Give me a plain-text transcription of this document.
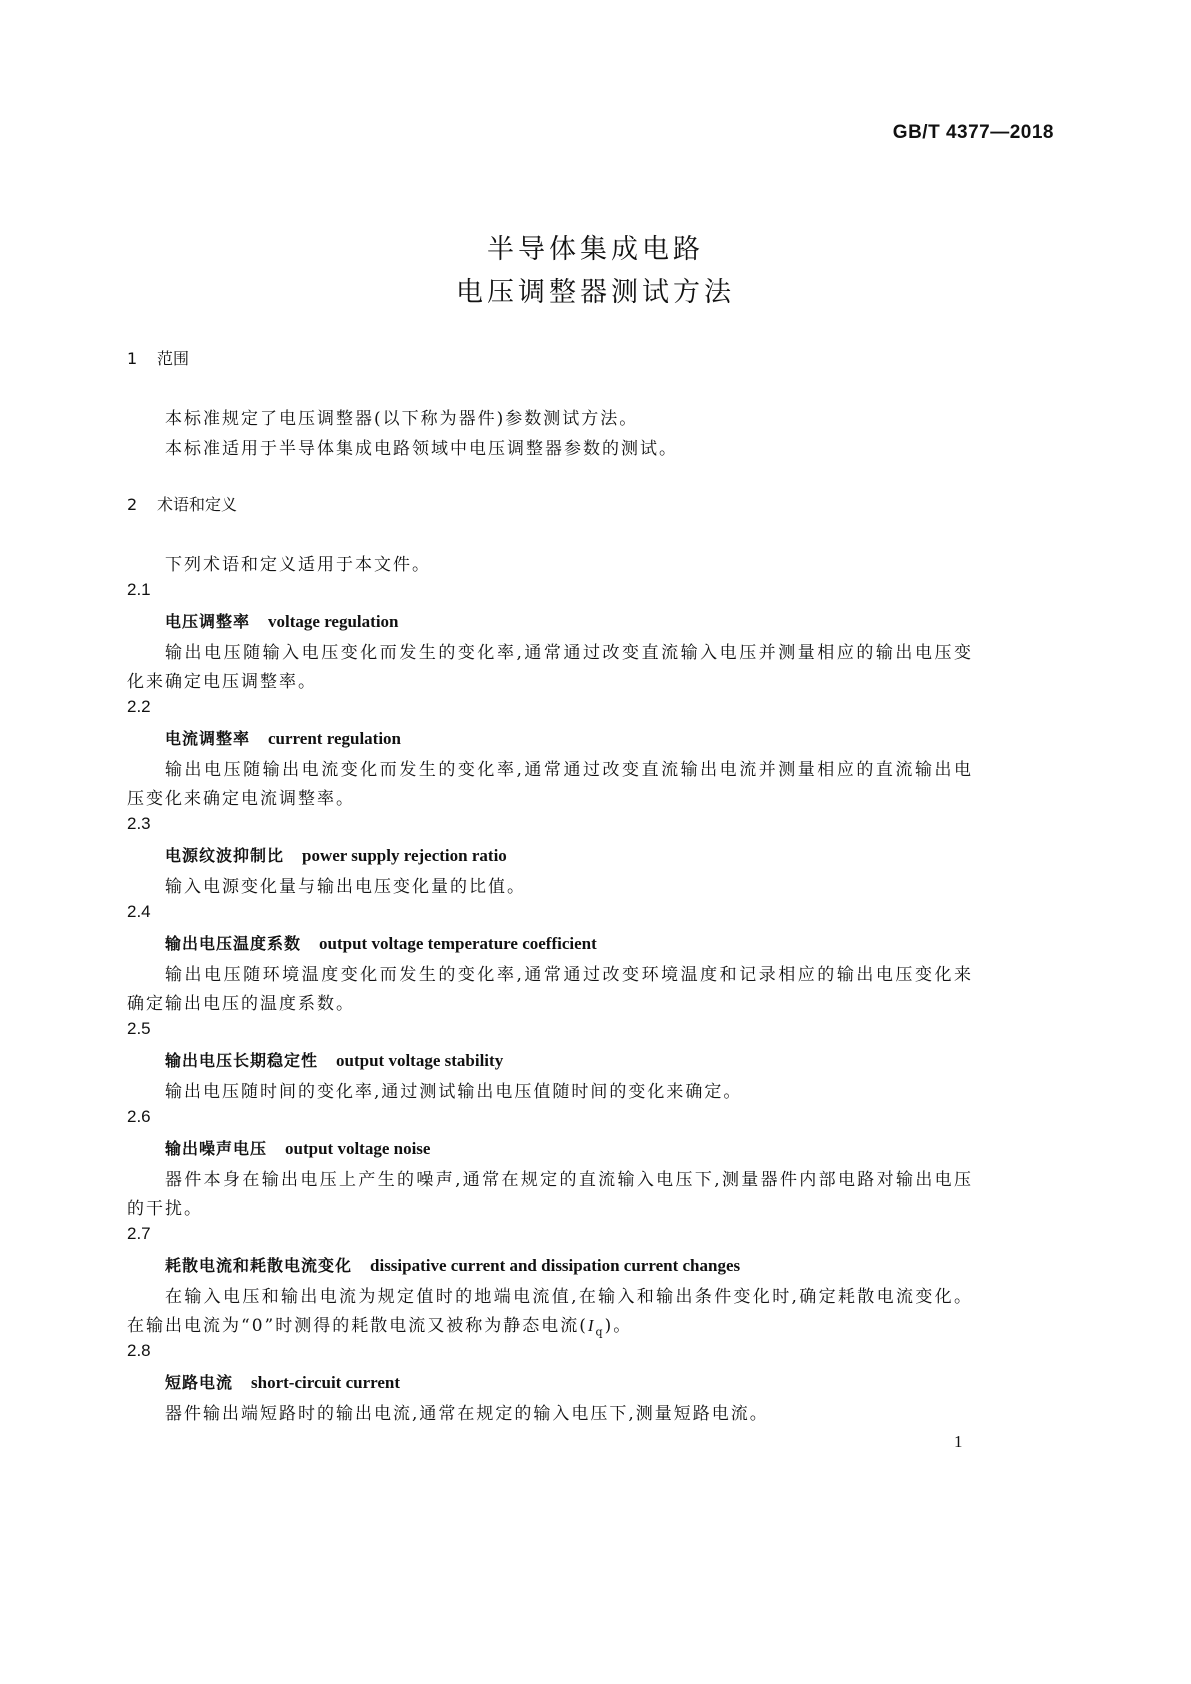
GB/T 4377—2018

半导体集成电路
电压调整器测试方法
1 范围

本标准规定了电压调整器(以下称为器件)参数测试方法。

本标准适用于半导体集成电路领域中电压调整器参数的测试。

2 术语和定义

下列术语和定义适用于本文件。

2.1

电压调整率 voltage regulation

输出电压随输入电压变化而发生的变化率,通常通过改变直流输入电压并测量相应的输出电压变

化来确定电压调整率。

2.2

电流调整率 current regulation

输出电压随输出电流变化而发生的变化率,通常通过改变直流输出电流并测量相应的直流输出电

压变化来确定电流调整率。

2.3

电源纹波抑制比 power supply rejection ratio

输入电源变化量与输出电压变化量的比值。

2.4

输出电压温度系数 output voltage temperature coefficient

输出电压随环境温度变化而发生的变化率,通常通过改变环境温度和记录相应的输出电压变化来

确定输出电压的温度系数。

2.5

输出电压长期稳定性 output voltage stability

输出电压随时间的变化率,通过测试输出电压值随时间的变化来确定。

2.6

输出噪声电压 output voltage noise

器件本身在输出电压上产生的噪声,通常在规定的直流输入电压下,测量器件内部电路对输出电压

的干扰。

2.7

耗散电流和耗散电流变化 dissipative current and dissipation current changes

在输入电压和输出电流为规定值时的地端电流值,在输入和输出条件变化时,确定耗散电流变化。

在输出电流为“0”时测得的耗散电流又被称为静态电流$(I_q)$。

2.8

短路电流 short-circuit current

器件输出端短路时的输出电流,通常在规定的输入电压下,测量短路电流。

1
